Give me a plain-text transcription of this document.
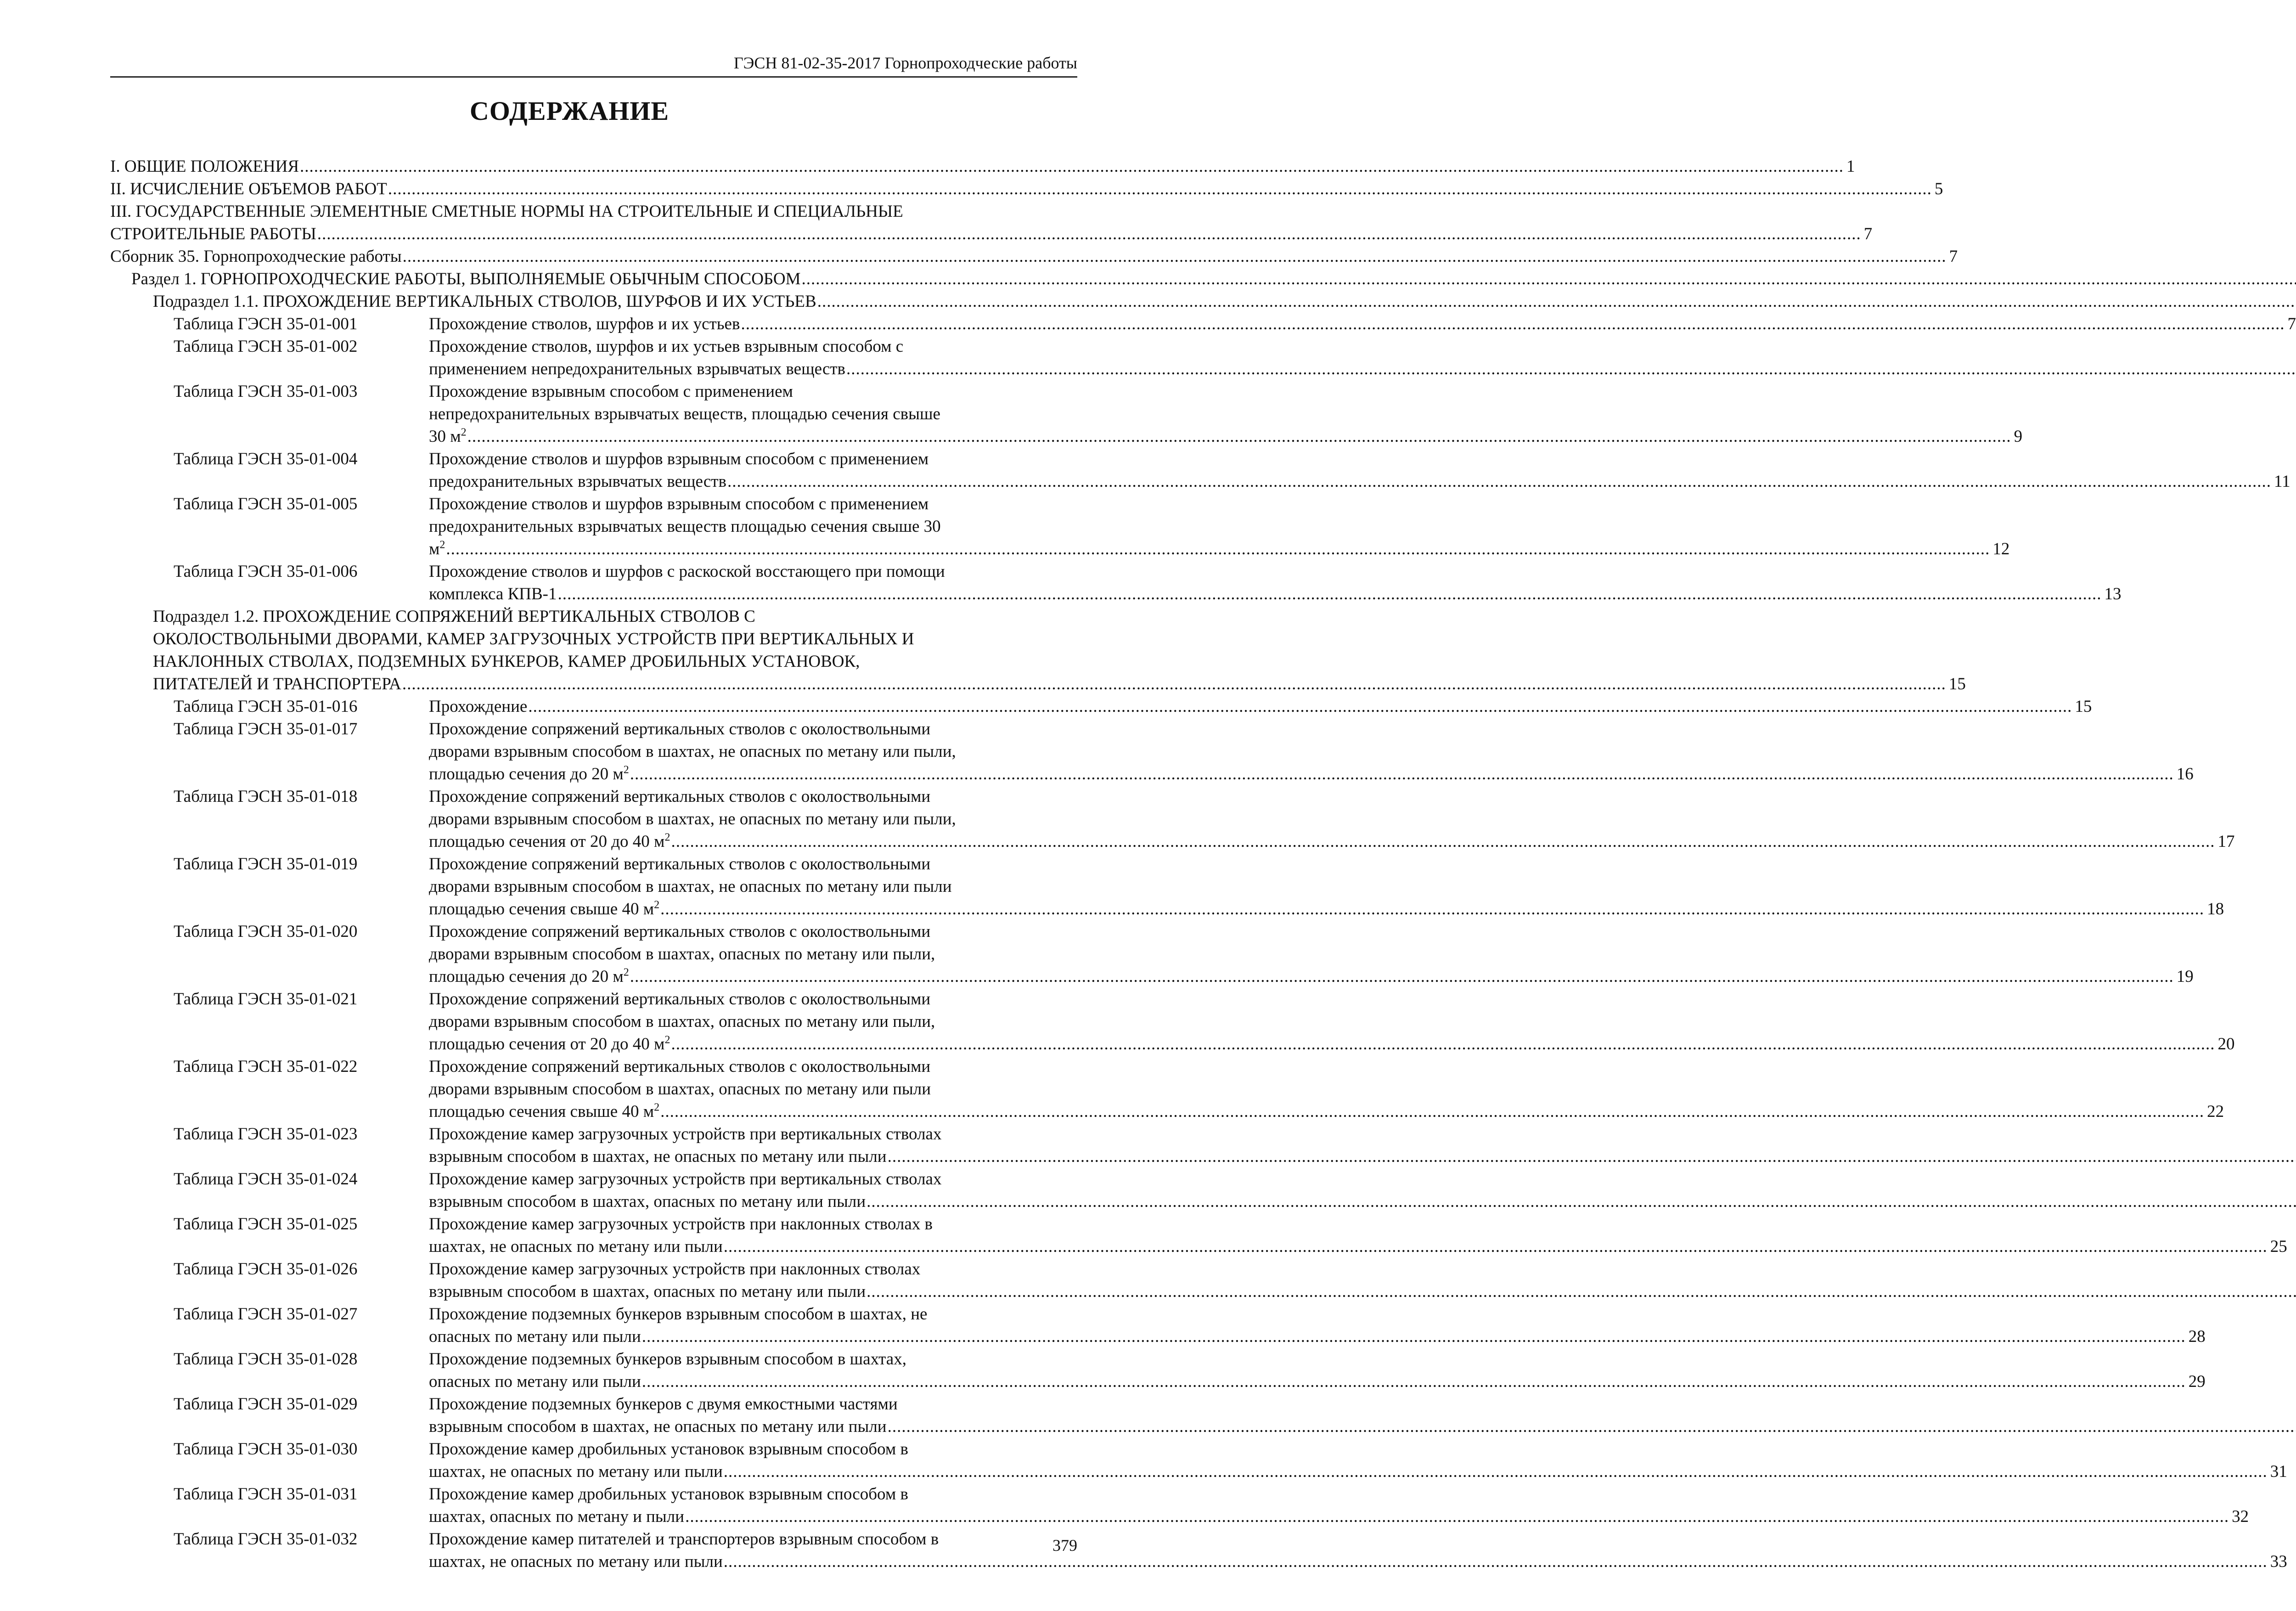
ГЭСН 81-02-35-2017 Горнопроходческие работы
СОДЕРЖАНИЕ
I. ОБЩИЕ ПОЛОЖЕНИЯ .....	1
II. ИСЧИСЛЕНИЕ ОБЪЕМОВ РАБОТ .....	5
III. ГОСУДАРСТВЕННЫЕ ЭЛЕМЕНТНЫЕ СМЕТНЫЕ НОРМЫ НА СТРОИТЕЛЬНЫЕ И СПЕЦИАЛЬНЫЕ
СТРОИТЕЛЬНЫЕ РАБОТЫ .....	7
Сборник 35. Горнопроходческие работы .....	7
Раздел 1. ГОРНОПРОХОДЧЕСКИЕ РАБОТЫ, ВЫПОЛНЯЕМЫЕ ОБЫЧНЫМ СПОСОБОМ
.....
Подраздел 1.1. ПРОХОЖДЕНИЕ ВЕРТИКАЛЬНЫХ СТВОЛОВ, ШУРФОВ И ИХ УСТЬЕВ
.....
Таблица ГЭСН 35-01-001	Прохождение стволов, шурфов и их устьев .....	7
Таблица ГЭСН 35-01-002	Прохождение стволов, шурфов и их устьев взрывным способом с
применением непредохранительных взрывчатых веществ
.....
Таблица ГЭСН 35-01-003	Прохождение взрывным способом с применением
непредохранительных взрывчатых веществ, площадью сечения свыше
30 $м^2$ .....	9
Таблица ГЭСН 35-01-004	Прохождение стволов и шурфов взрывным способом с применением
предохранительных взрывчатых веществ .....	11
Таблица ГЭСН 35-01-005	Прохождение стволов и шурфов взрывным способом с применением
предохранительных взрывчатых веществ площадью сечения свыше 30
$м^2$ .....	12
Таблица ГЭСН 35-01-006	Прохождение стволов и шурфов с раскоской восстающего при помощи
комплекса КПВ-1 .....	13
Подраздел 1.2. ПРОХОЖДЕНИЕ СОПРЯЖЕНИЙ ВЕРТИКАЛЬНЫХ СТВОЛОВ С
ОКОЛОСТВОЛЬНЫМИ ДВОРАМИ, КАМЕР ЗАГРУЗОЧНЫХ УСТРОЙСТВ ПРИ ВЕРТИКАЛЬНЫХ И
НАКЛОННЫХ СТВОЛАХ, ПОДЗЕМНЫХ БУНКЕРОВ, КАМЕР ДРОБИЛЬНЫХ УСТАНОВОК,
ПИТАТЕЛЕЙ И ТРАНСПОРТЕРА .....	15
Таблица ГЭСН 35-01-016	Прохождение .....	15
Таблица ГЭСН 35-01-017	Прохождение сопряжений вертикальных стволов с околоствольными
дворами взрывным способом в шахтах, не опасных по метану или пыли,
площадью сечения до 20 $м^2$ .....	16
Таблица ГЭСН 35-01-018	Прохождение сопряжений вертикальных стволов с околоствольными
дворами взрывным способом в шахтах, не опасных по метану или пыли,
площадью сечения от 20 до 40 $м^2$ .....	17
Таблица ГЭСН 35-01-019	Прохождение сопряжений вертикальных стволов с околоствольными
дворами взрывным способом в шахтах, не опасных по метану или пыли
площадью сечения свыше 40 $м^2$ .....	18
Таблица ГЭСН 35-01-020	Прохождение сопряжений вертикальных стволов с околоствольными
дворами взрывным способом в шахтах, опасных по метану или пыли,
площадью сечения до 20 $м^2$ .....	19
Таблица ГЭСН 35-01-021	Прохождение сопряжений вертикальных стволов с околоствольными
дворами взрывным способом в шахтах, опасных по метану или пыли,
площадью сечения от 20 до 40 $м^2$ .....	20
Таблица ГЭСН 35-01-022	Прохождение сопряжений вертикальных стволов с околоствольными
дворами взрывным способом в шахтах, опасных по метану или пыли
площадью сечения свыше 40 $м^2$ .....	22
Таблица ГЭСН 35-01-023	Прохождение камер загрузочных устройств при вертикальных стволах
взрывным способом в шахтах, не опасных по метану или пыли
.....
Таблица ГЭСН 35-01-024	Прохождение камер загрузочных устройств при вертикальных стволах
взрывным способом в шахтах, опасных по метану или пыли
.....
Таблица ГЭСН 35-01-025	Прохождение камер загрузочных устройств при наклонных стволах в
шахтах, не опасных по метану или пыли .....	25
Таблица ГЭСН 35-01-026	Прохождение камер загрузочных устройств при наклонных стволах
взрывным способом в шахтах, опасных по метану или пыли
.....
Таблица ГЭСН 35-01-027	Прохождение подземных бункеров взрывным способом в шахтах, не
опасных по метану или пыли .....	28
Таблица ГЭСН 35-01-028	Прохождение подземных бункеров взрывным способом в шахтах,
опасных по метану или пыли .....	29
Таблица ГЭСН 35-01-029	Прохождение подземных бункеров с двумя емкостными частями
взрывным способом в шахтах, не опасных по метану или пыли
.....
Таблица ГЭСН 35-01-030	Прохождение камер дробильных установок взрывным способом в
шахтах, не опасных по метану или пыли .....	31
Таблица ГЭСН 35-01-031	Прохождение камер дробильных установок взрывным способом в
шахтах, опасных по метану и пыли .....	32
Таблица ГЭСН 35-01-032	Прохождение камер питателей и транспортеров взрывным способом в
шахтах, не опасных по метану или пыли .....	33
379
